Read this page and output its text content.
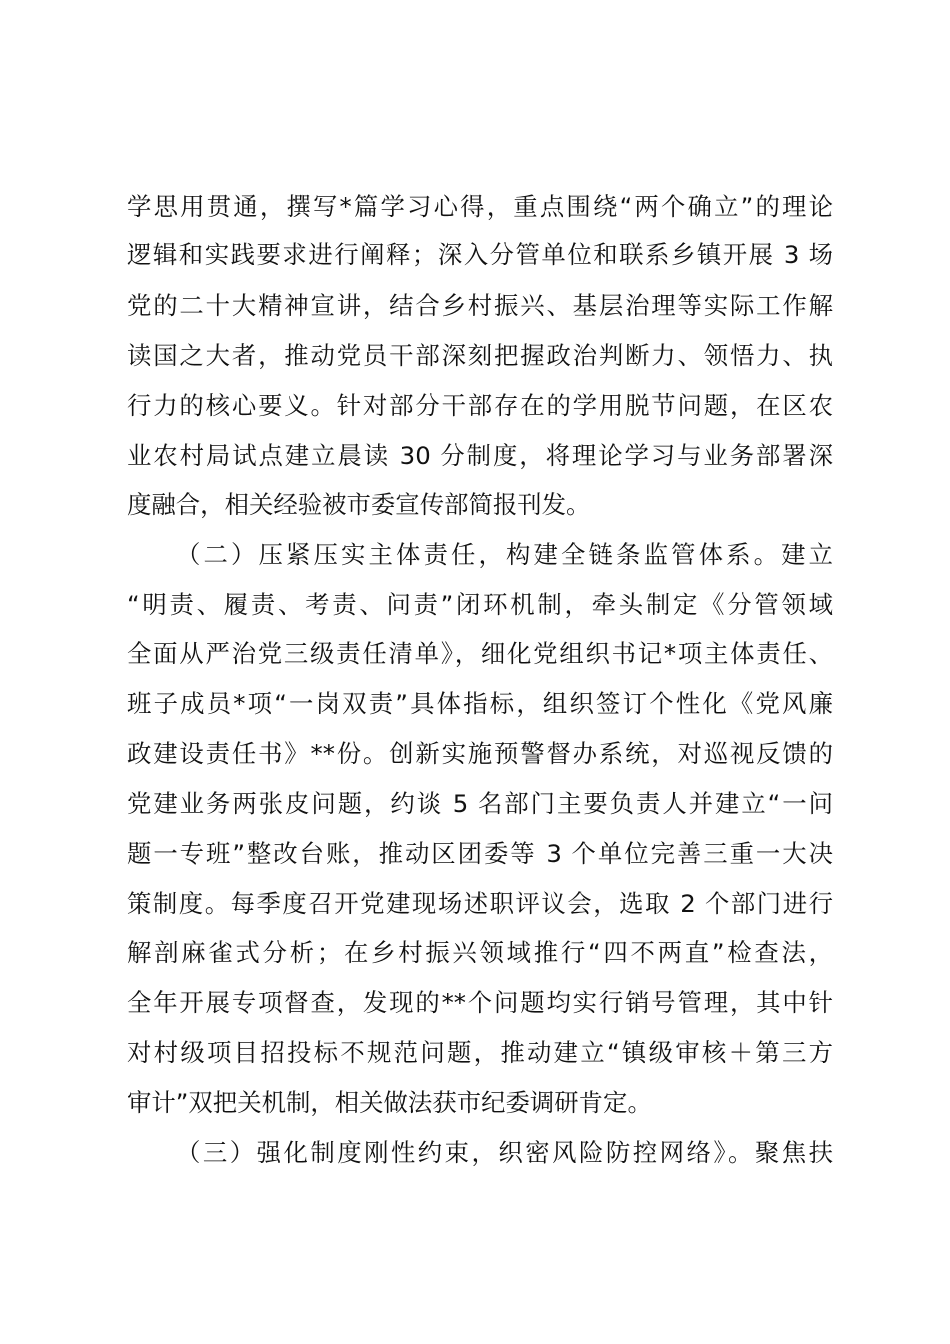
学思用贯通，撰写*篇学习心得，重点围绕“两个确立”的理论
逻辑和实践要求进行阐释；深入分管单位和联系乡镇开展 3 场
党的二十大精神宣讲，结合乡村振兴、基层治理等实际工作解
读国之大者，推动党员干部深刻把握政治判断力、领悟力、执
行力的核心要义。针对部分干部存在的学用脱节问题，在区农
业农村局试点建立晨读 30 分制度，将理论学习与业务部署深
度融合，相关经验被市委宣传部简报刊发。
（二）压紧压实主体责任，构建全链条监管体系。建立
“明责、履责、考责、问责”闭环机制，牵头制定《分管领域
全面从严治党三级责任清单》，细化党组织书记*项主体责任、
班子成员*项“一岗双责”具体指标，组织签订个性化《党风廉
政建设责任书》**份。创新实施预警督办系统，对巡视反馈的
党建业务两张皮问题，约谈 5 名部门主要负责人并建立“一问
题一专班”整改台账，推动区团委等 3 个单位完善三重一大决
策制度。每季度召开党建现场述职评议会，选取 2 个部门进行
解剖麻雀式分析；在乡村振兴领域推行“四不两直”检查法，
全年开展专项督查，发现的**个问题均实行销号管理，其中针
对村级项目招投标不规范问题，推动建立“镇级审核＋第三方
审计”双把关机制，相关做法获市纪委调研肯定。
（三）强化制度刚性约束，织密风险防控网络》。聚焦扶
